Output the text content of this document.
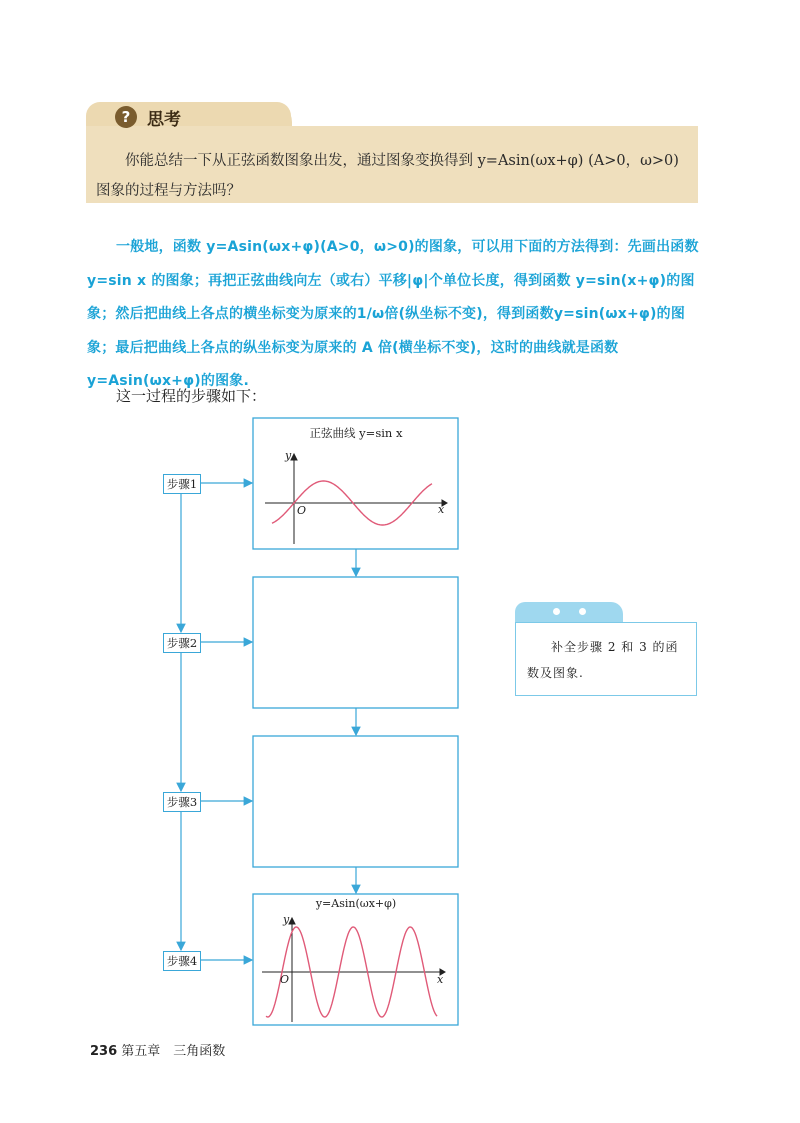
你能总结一下从正弦函数图象出发，通过图象变换得到 y=Asin(ωx+φ) (A>0，ω>0)图象的过程与方法吗？
? 思考
一般地，函数 y=Asin(ωx+φ)(A>0，ω>0)的图象，可以用下面的方法得到：先画出函数 y=sin x 的图象；再把正弦曲线向左（或右）平移|φ|个单位长度，得到函数 y=sin(x+φ)的图象；然后把曲线上各点的横坐标变为原来的1/ω倍(纵坐标不变)，得到函数y=sin(ωx+φ)的图象；最后把曲线上各点的纵坐标变为原来的 A 倍(横坐标不变)，这时的曲线就是函数 y=Asin(ωx+φ)的图象.
这一过程的步骤如下：
正弦曲线 y=sin x
y=Asin(ωx+φ)
y
x
O
y
x
O
步骤1
步骤2
步骤3
步骤4
补全步骤 2 和 3 的函数及图象.
236 第五章　三角函数
